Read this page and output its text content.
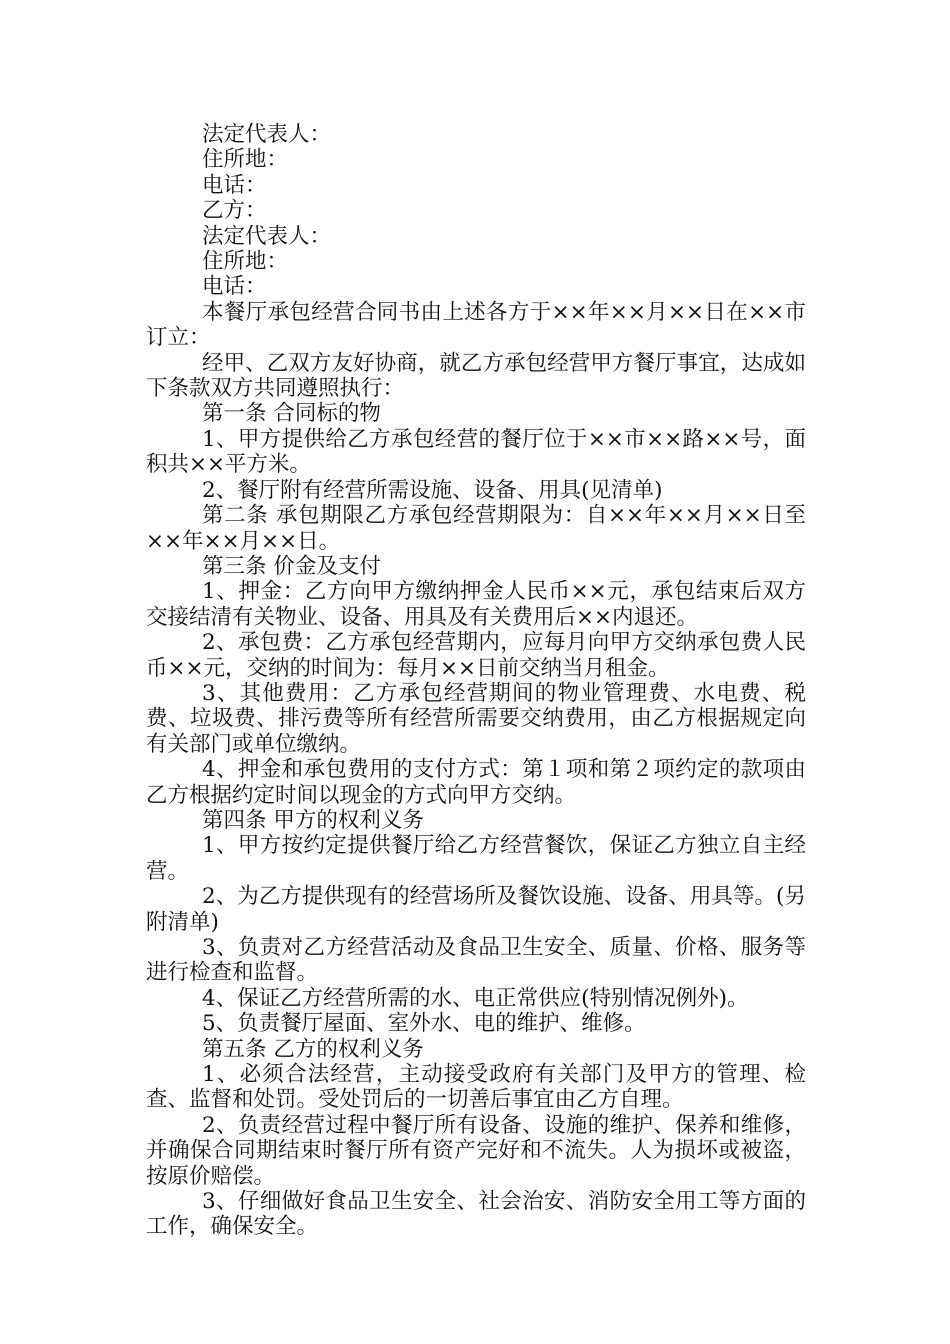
法定代表人：

住所地：

电话：

乙方：

法定代表人：

住所地：

电话：

本餐厅承包经营合同书由上述各方于××年××月××日在××市订立：

经甲、乙双方友好协商，就乙方承包经营甲方餐厅事宜，达成如下条款双方共同遵照执行：

第一条 合同标的物

1、甲方提供给乙方承包经营的餐厅位于××市××路××号，面积共××平方米。

2、餐厅附有经营所需设施、设备、用具(见清单)

第二条 承包期限乙方承包经营期限为：自××年××月××日至××年××月××日。

第三条 价金及支付

1、押金：乙方向甲方缴纳押金人民币××元，承包结束后双方交接结清有关物业、设备、用具及有关费用后××内退还。

2、承包费：乙方承包经营期内，应每月向甲方交纳承包费人民币××元，交纳的时间为：每月××日前交纳当月租金。

3、其他费用：乙方承包经营期间的物业管理费、水电费、税费、垃圾费、排污费等所有经营所需要交纳费用，由乙方根据规定向有关部门或单位缴纳。

4、押金和承包费用的支付方式：第１项和第２项约定的款项由乙方根据约定时间以现金的方式向甲方交纳。

第四条 甲方的权利义务

1、甲方按约定提供餐厅给乙方经营餐饮，保证乙方独立自主经营。

2、为乙方提供现有的经营场所及餐饮设施、设备、用具等。(另附清单)

3、负责对乙方经营活动及食品卫生安全、质量、价格、服务等进行检查和监督。

4、保证乙方经营所需的水、电正常供应(特别情况例外)。

5、负责餐厅屋面、室外水、电的维护、维修。

第五条 乙方的权利义务

1、必须合法经营，主动接受政府有关部门及甲方的管理、检查、监督和处罚。受处罚后的一切善后事宜由乙方自理。

2、负责经营过程中餐厅所有设备、设施的维护、保养和维修，并确保合同期结束时餐厅所有资产完好和不流失。人为损坏或被盗，按原价赔偿。

3、仔细做好食品卫生安全、社会治安、消防安全用工等方面的工作，确保安全。
